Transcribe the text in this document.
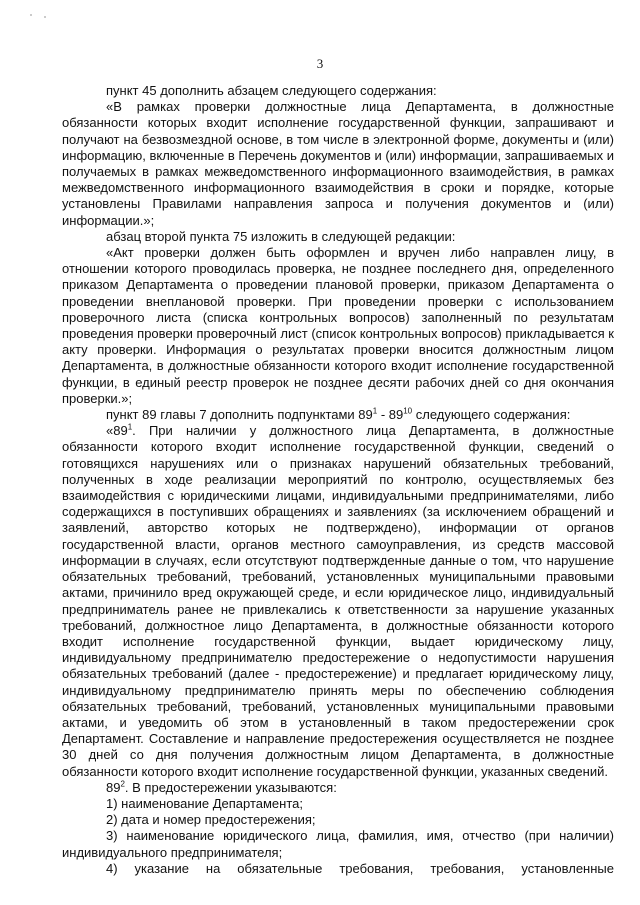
3

пункт 45 дополнить абзацем следующего содержания:

«В рамках проверки должностные лица Департамента, в должностные обязанности которых входит исполнение государственной функции, запрашивают и получают на безвозмездной основе, в том числе в электронной форме, документы и (или) информацию, включенные в Перечень документов и (или) информации, запрашиваемых и получаемых в рамках межведомственного информационного взаимодействия, в рамках межведомственного информационного взаимодействия в сроки и порядке, которые установлены Правилами направления запроса и получения документов и (или) информации.»;

абзац второй пункта 75 изложить в следующей редакции:

«Акт проверки должен быть оформлен и вручен либо направлен лицу, в отношении которого проводилась проверка, не позднее последнего дня, определенного приказом Департамента о проведении плановой проверки, приказом Департамента о проведении внеплановой проверки. При проведении проверки с использованием проверочного листа (списка контрольных вопросов) заполненный по результатам проведения проверки проверочный лист (список контрольных вопросов) прикладывается к акту проверки. Информация о результатах проверки вносится должностным лицом Департамента, в должностные обязанности которого входит исполнение государственной функции, в единый реестр проверок не позднее десяти рабочих дней со дня окончания проверки.»;

пункт 89 главы 7 дополнить подпунктами $89^1 - 89^{10}$ следующего содержания:

«$89^1$. При наличии у должностного лица Департамента, в должностные обязанности которого входит исполнение государственной функции, сведений о готовящихся нарушениях или о признаках нарушений обязательных требований, полученных в ходе реализации мероприятий по контролю, осуществляемых без взаимодействия с юридическими лицами, индивидуальными предпринимателями, либо содержащихся в поступивших обращениях и заявлениях (за исключением обращений и заявлений, авторство которых не подтверждено), информации от органов государственной власти, органов местного самоуправления, из средств массовой информации в случаях, если отсутствуют подтвержденные данные о том, что нарушение обязательных требований, требований, установленных муниципальными правовыми актами, причинило вред окружающей среде, и если юридическое лицо, индивидуальный предприниматель ранее не привлекались к ответственности за нарушение указанных требований, должностное лицо Департамента, в должностные обязанности которого входит исполнение государственной функции, выдает юридическому лицу, индивидуальному предпринимателю предостережение о недопустимости нарушения обязательных требований (далее - предостережение) и предлагает юридическому лицу, индивидуальному предпринимателю принять меры по обеспечению соблюдения обязательных требований, требований, установленных муниципальными правовыми актами, и уведомить об этом в установленный в таком предостережении срок Департамент. Составление и направление предостережения осуществляется не позднее 30 дней со дня получения должностным лицом Департамента, в должностные обязанности которого входит исполнение государственной функции, указанных сведений.

$89^2$. В предостережении указываются:

1) наименование Департамента;

2) дата и номер предостережения;

3) наименование юридического лица, фамилия, имя, отчество (при наличии) индивидуального предпринимателя;

4) указание на обязательные требования, требования, установленные
